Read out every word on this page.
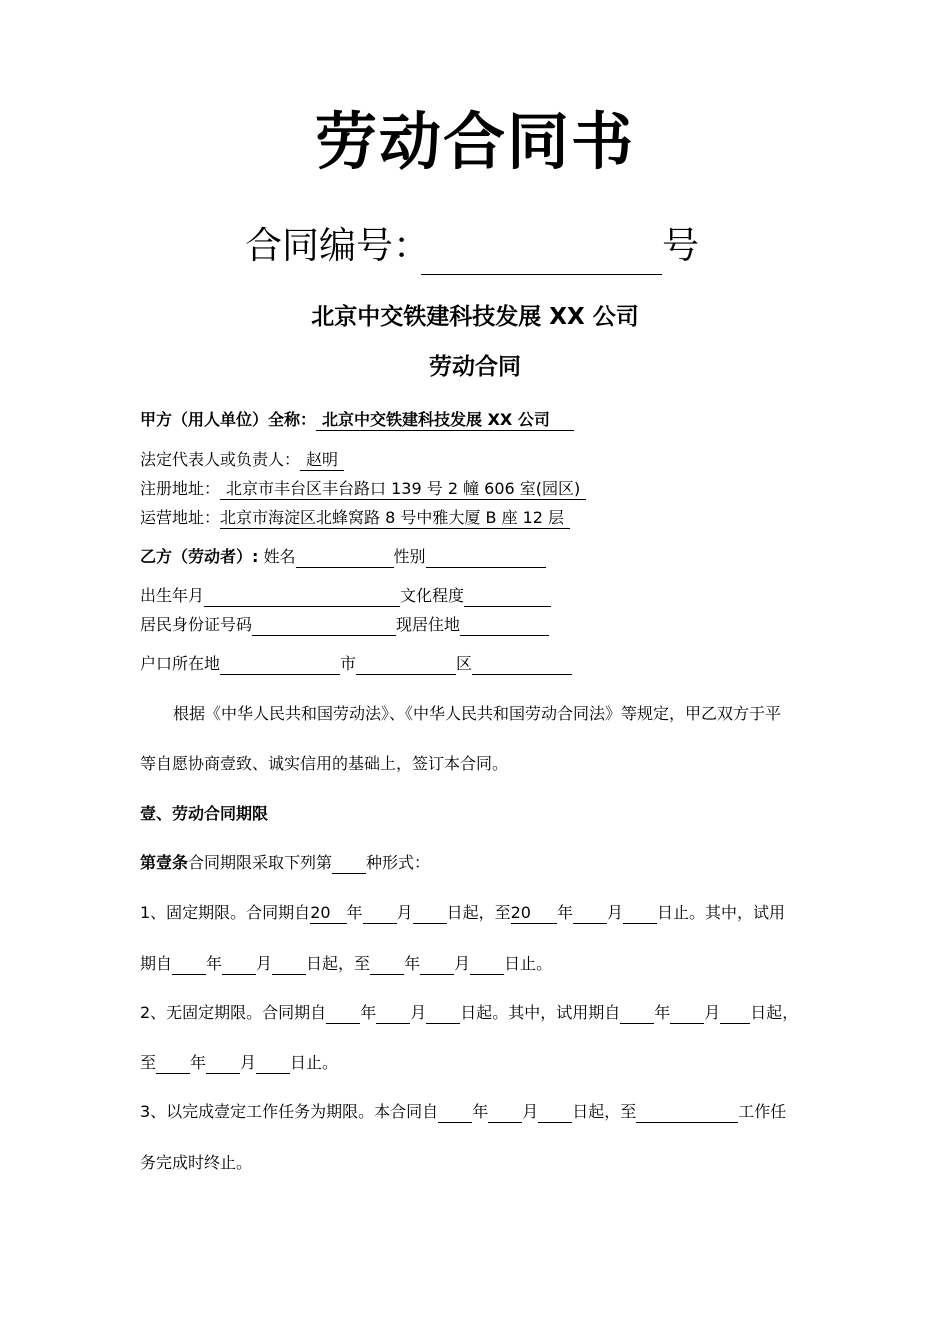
劳动合同书
合同编号：	号
北京中交铁建科技发展 XX 公司
劳动合同
甲方（用人单位）全称： 北京中交铁建科技发展 XX 公司
法定代表人或负责人： 赵明
注册地址： 北京市丰台区丰台路口 139 号 2 幢 606 室(园区)
运营地址：北京市海淀区北蜂窝路 8 号中雅大厦 B 座 12 层
乙方（劳动者）: 姓名	性别
出生年月	文化程度
居民身份证号码	现居住地
户口所在地	市	区
根据《中华人民共和国劳动法》、《中华人民共和国劳动合同法》等规定，甲乙双方于平
等自愿协商壹致、诚实信用的基础上，签订本合同。
壹、劳动合同期限
第壹条合同期限采取下列第 种形式：
1、固定期限。合同期自20 年 月 日起，至20 年 月 日止。其中，试用
期自 年 月 日起，至 年 月 日止。
2、无固定期限。合同期自 年 月 日起。其中，试用期自 年 月 日起，
至 年 月 日止。
3、以完成壹定工作任务为期限。本合同自 年 月 日起，至	工作任
务完成时终止。
